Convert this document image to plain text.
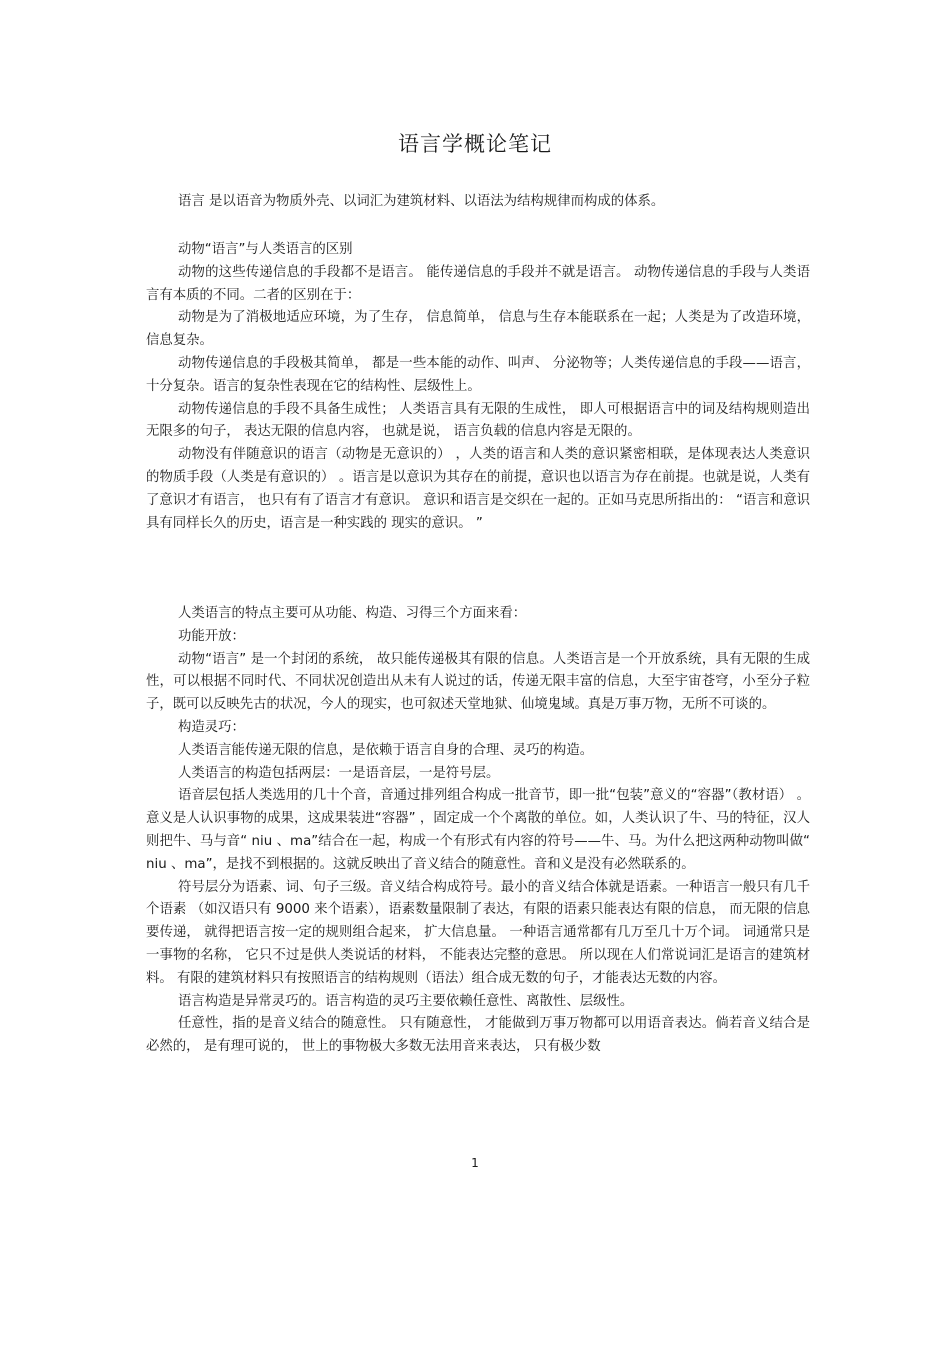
语言学概论笔记

语言 是以语音为物质外壳、以词汇为建筑材料、以语法为结构规律而构成的体系。

动物“语言”与人类语言的区别

动物的这些传递信息的手段都不是语言。 能传递信息的手段并不就是语言。 动物传递信息的手段与人类语言有本质的不同。二者的区别在于：

动物是为了消极地适应环境，为了生存， 信息简单， 信息与生存本能联系在一起；人类是为了改造环境，信息复杂。

动物传递信息的手段极其简单， 都是一些本能的动作、叫声、 分泌物等；人类传递信息的手段——语言，十分复杂。语言的复杂性表现在它的结构性、层级性上。

动物传递信息的手段不具备生成性； 人类语言具有无限的生成性， 即人可根据语言中的词及结构规则造出无限多的句子， 表达无限的信息内容， 也就是说， 语言负载的信息内容是无限的。

动物没有伴随意识的语言（动物是无意识的） ，人类的语言和人类的意识紧密相联，是体现表达人类意识的物质手段（人类是有意识的） 。语言是以意识为其存在的前提，意识也以语言为存在前提。也就是说，人类有了意识才有语言， 也只有有了语言才有意识。 意识和语言是交织在一起的。正如马克思所指出的： “语言和意识具有同样长久的历史，语言是一种实践的 现实的意识。 ”

人类语言的特点主要可从功能、构造、习得三个方面来看：

功能开放：

动物“语言” 是一个封闭的系统， 故只能传递极其有限的信息。人类语言是一个开放系统，具有无限的生成性，可以根据不同时代、不同状况创造出从未有人说过的话，传递无限丰富的信息，大至宇宙苍穹，小至分子粒子，既可以反映先古的状况，今人的现实，也可叙述天堂地狱、仙境鬼域。真是万事万物，无所不可谈的。

构造灵巧：

人类语言能传递无限的信息，是依赖于语言自身的合理、灵巧的构造。

人类语言的构造包括两层：一是语音层，一是符号层。

语音层包括人类选用的几十个音，音通过排列组合构成一批音节，即一批“包装”意义的“容器”（教材语） 。意义是人认识事物的成果，这成果装进“容器” ，固定成一个个离散的单位。如，人类认识了牛、马的特征，汉人则把牛、马与音“ niu 、ma”结合在一起，构成一个有形式有内容的符号——牛、马。为什么把这两种动物叫做“ niu 、ma”，是找不到根据的。这就反映出了音义结合的随意性。音和义是没有必然联系的。

符号层分为语素、词、句子三级。音义结合构成符号。最小的音义结合体就是语素。一种语言一般只有几千个语素 （如汉语只有 9000 来个语素），语素数量限制了表达，有限的语素只能表达有限的信息， 而无限的信息要传递， 就得把语言按一定的规则组合起来， 扩大信息量。 一种语言通常都有几万至几十万个词。 词通常只是一事物的名称， 它只不过是供人类说话的材料， 不能表达完整的意思。 所以现在人们常说词汇是语言的建筑材料。 有限的建筑材料只有按照语言的结构规则（语法）组合成无数的句子，才能表达无数的内容。

语言构造是异常灵巧的。语言构造的灵巧主要依赖任意性、离散性、层级性。

任意性，指的是音义结合的随意性。 只有随意性， 才能做到万事万物都可以用语音表达。倘若音义结合是必然的， 是有理可说的， 世上的事物极大多数无法用音来表达， 只有极少数

1
